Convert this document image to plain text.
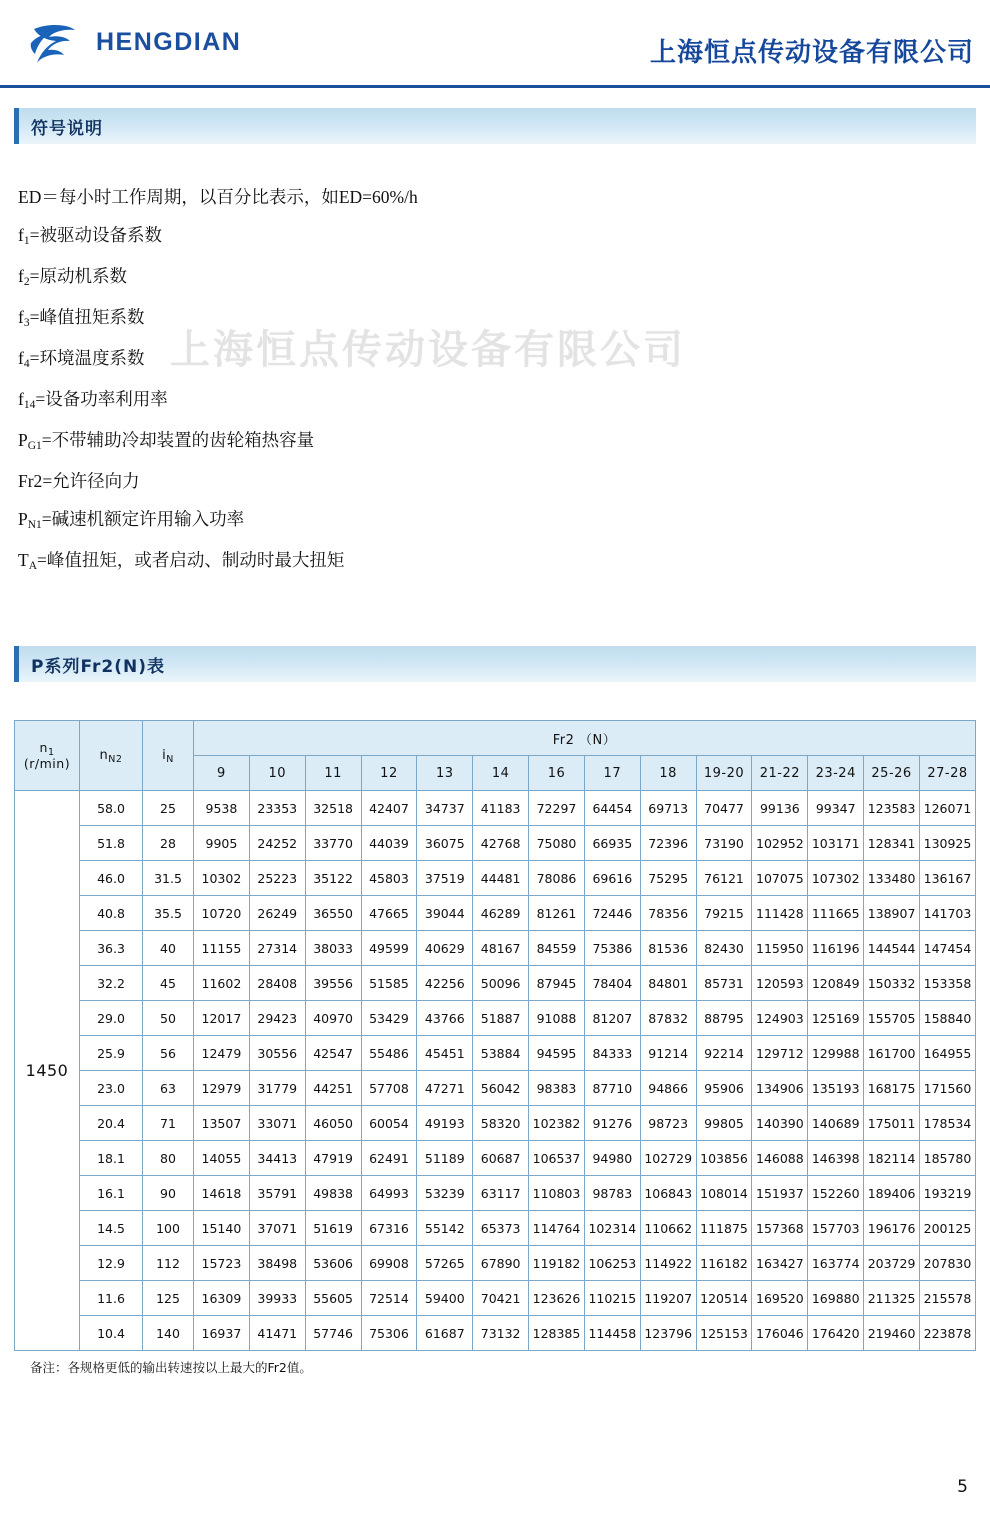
HENGDIAN	上海恒点传动设备有限公司
符号说明
上海恒点传动设备有限公司
ED＝每小时工作周期，以百分比表示，如ED=60%/h
$f_1=$被驱动设备系数
$f_2=$原动机系数
$f_3=$峰值扭矩系数
$f_4=$环境温度系数
$f_{14}=$设备功率利用率
$P_{G1}=$不带辅助冷却装置的齿轮箱热容量
Fr2=允许径向力
$P_{N1}=$碱速机额定许用输入功率
$T_A=$峰值扭矩，或者启动、制动时最大扭矩
P系列Fr2(N)表
$n_1$
(r/min)	$n_{N2}$	$i_N$	Fr2 （N）													
			9	10	11	12	13	14	16	17	18	19-20	21-22	23-24	25-26	27-28
1450	58.0	25	9538	23353	32518	42407	34737	41183	72297	64454	69713	70477	99136	99347	123583	126071
	51.8	28	9905	24252	33770	44039	36075	42768	75080	66935	72396	73190	102952	103171	128341	130925
	46.0	31.5	10302	25223	35122	45803	37519	44481	78086	69616	75295	76121	107075	107302	133480	136167
	40.8	35.5	10720	26249	36550	47665	39044	46289	81261	72446	78356	79215	111428	111665	138907	141703
	36.3	40	11155	27314	38033	49599	40629	48167	84559	75386	81536	82430	115950	116196	144544	147454
	32.2	45	11602	28408	39556	51585	42256	50096	87945	78404	84801	85731	120593	120849	150332	153358
	29.0	50	12017	29423	40970	53429	43766	51887	91088	81207	87832	88795	124903	125169	155705	158840
	25.9	56	12479	30556	42547	55486	45451	53884	94595	84333	91214	92214	129712	129988	161700	164955
	23.0	63	12979	31779	44251	57708	47271	56042	98383	87710	94866	95906	134906	135193	168175	171560
	20.4	71	13507	33071	46050	60054	49193	58320	102382	91276	98723	99805	140390	140689	175011	178534
	18.1	80	14055	34413	47919	62491	51189	60687	106537	94980	102729	103856	146088	146398	182114	185780
	16.1	90	14618	35791	49838	64993	53239	63117	110803	98783	106843	108014	151937	152260	189406	193219
	14.5	100	15140	37071	51619	67316	55142	65373	114764	102314	110662	111875	157368	157703	196176	200125
	12.9	112	15723	38498	53606	69908	57265	67890	119182	106253	114922	116182	163427	163774	203729	207830
	11.6	125	16309	39933	55605	72514	59400	70421	123626	110215	119207	120514	169520	169880	211325	215578
	10.4	140	16937	41471	57746	75306	61687	73132	128385	114458	123796	125153	176046	176420	219460	223878
备注：各规格更低的输出转速按以上最大的Fr2值。
5
